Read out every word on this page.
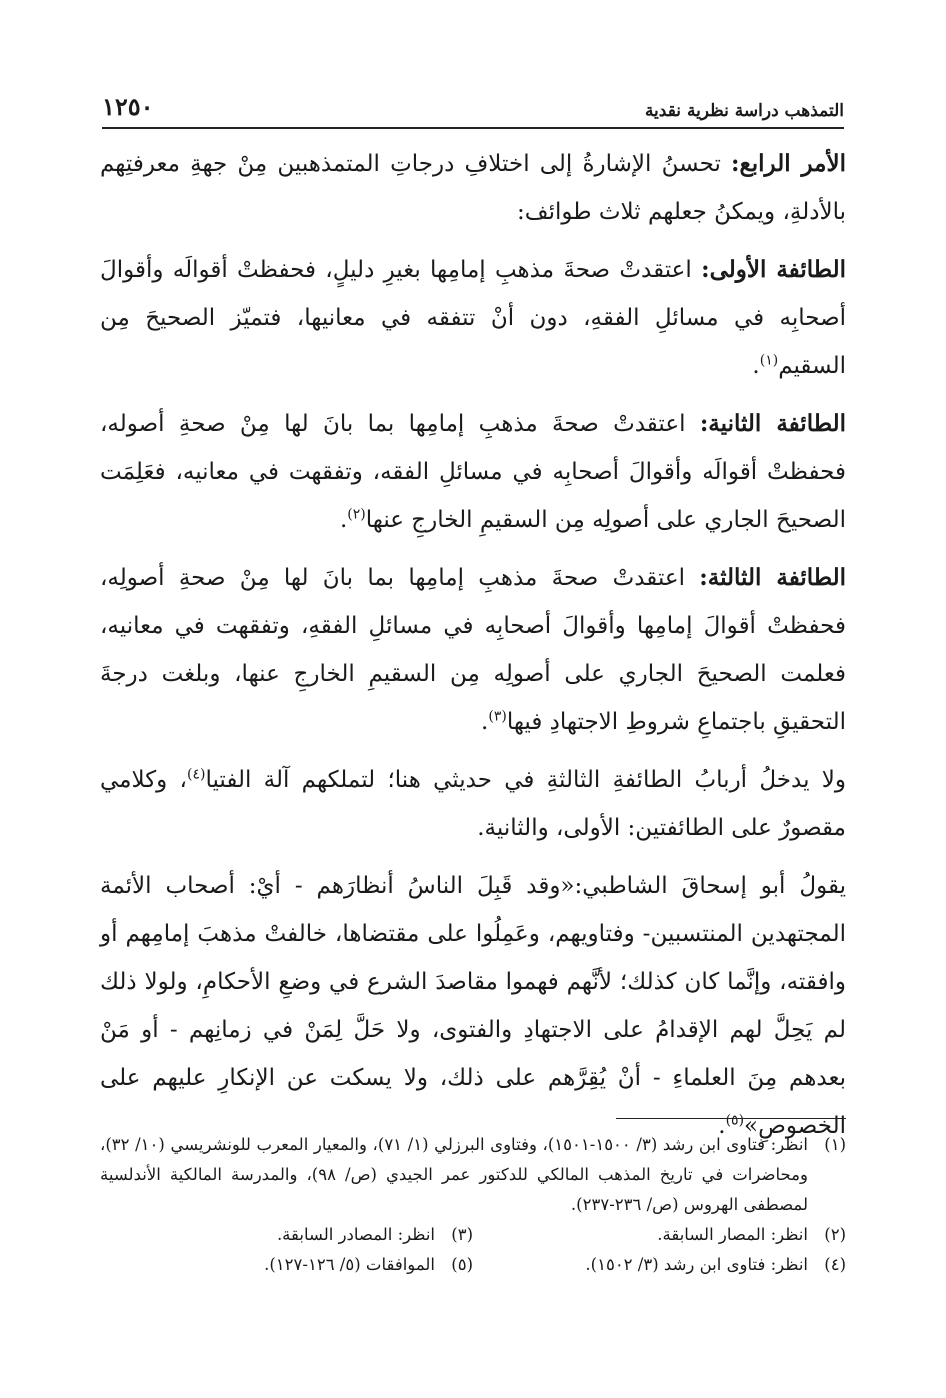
التمذهب دراسة نظرية نقدية
١٢٥٠

الأمر الرابع: تحسنُ الإشارةُ إلى اختلافِ درجاتِ المتمذهبين مِنْ جهةِ معرفتِهم بالأدلةِ، ويمكنُ جعلهم ثلاث طوائف:

الطائفة الأولى: اعتقدتْ صحةَ مذهبِ إمامِها بغيرِ دليلٍ، فحفظتْ أقوالَه وأقوالَ أصحابِه في مسائلِ الفقهِ، دون أنْ تتفقه في معانيها، فتميّز الصحيحَ مِن السقيم$^{(١)}$.

الطائفة الثانية: اعتقدتْ صحةَ مذهبِ إمامِها بما بانَ لها مِنْ صحةِ أصوله، فحفظتْ أقوالَه وأقوالَ أصحابِه في مسائلِ الفقه، وتفقهت في معانيه، فعَلِمَت الصحيحَ الجاري على أصولِه مِن السقيمِ الخارجِ عنها$^{(٢)}$.

الطائفة الثالثة: اعتقدتْ صحةَ مذهبِ إمامِها بما بانَ لها مِنْ صحةِ أصولِه، فحفظتْ أقوالَ إمامِها وأقوالَ أصحابِه في مسائلِ الفقهِ، وتفقهت في معانيه، فعلمت الصحيحَ الجاري على أصولِه مِن السقيمِ الخارجِ عنها، وبلغت درجةَ التحقيقِ باجتماعِ شروطِ الاجتهادِ فيها$^{(٣)}$.

ولا يدخلُ أربابُ الطائفةِ الثالثةِ في حديثي هنا؛ لتملكهم آلة الفتيا$^{(٤)}$، وكلامي مقصورٌ على الطائفتين: الأولى، والثانية.

يقولُ أبو إسحاقَ الشاطبي:«وقد قَبِلَ الناسُ أنظارَهم - أيْ: أصحاب الأئمة المجتهدين المنتسبين- وفتاويهم، وعَمِلُوا على مقتضاها، خالفتْ مذهبَ إمامِهم أو وافقته، وإنَّما كان كذلك؛ لأنَّهم فهموا مقاصدَ الشرع في وضعِ الأحكامِ، ولولا ذلك لم يَحِلَّ لهم الإقدامُ على الاجتهادِ والفتوى، ولا حَلَّ لِمَنْ في زمانِهم - أو مَنْ بعدهم مِنَ العلماءِ - أنْ يُقِرَّهم على ذلك، ولا يسكت عن الإنكارِ عليهم على الخصوصِ»$^{(٥)}$.

(١)
انظر: فتاوى ابن رشد (٣/ ١٥٠٠-١٥٠١)، وفتاوى البرزلي (١/ ٧١)، والمعيار المعرب للونشريسي (١٠/ ٣٢)، ومحاضرات في تاريخ المذهب المالكي للدكتور عمر الجيدي (ص/ ٩٨)، والمدرسة المالكية الأندلسية لمصطفى الهروس (ص/ ٢٣٦-٢٣٧).
(٢)
انظر: المصار السابقة.
(٣)
انظر: المصادر السابقة.
(٤)
انظر: فتاوى ابن رشد (٣/ ١٥٠٢).
(٥)
الموافقات (٥/ ١٢٦-١٢٧).
